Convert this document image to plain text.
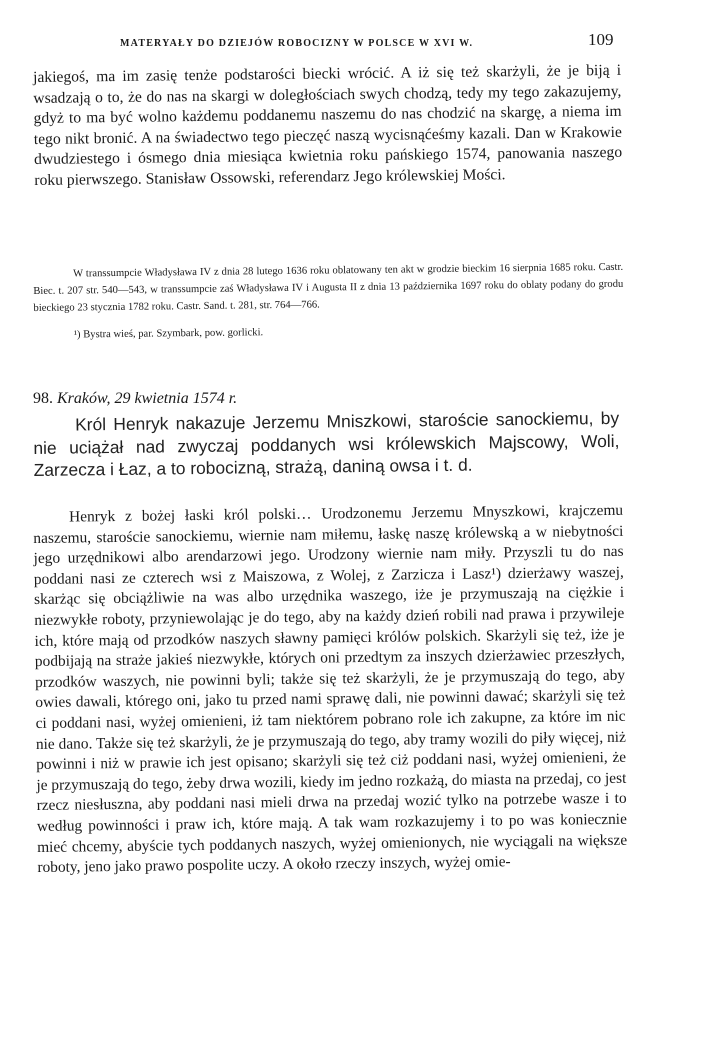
MATERYAŁY DO DZIEJÓW ROBOCIZNY W POLSCE W XVI W.	109

jakiegoś, ma im zasię tenże podstarości biecki wrócić. A iż się też skarżyli, że je biją i wsadzają o to, że do nas na skargi w doległościach swych chodzą, tedy my tego zakazujemy, gdyż to ma być wolno każdemu poddanemu naszemu do nas chodzić na skargę, a niema im tego nikt bronić. A na świadectwo tego pieczęć naszą wycisnąćeśmy kazali. Dan w Krakowie dwudziestego i ósmego dnia miesiąca kwietnia roku pańskiego 1574, panowania naszego roku pierwszego. Stanisław Ossowski, referendarz Jego królewskiej Mości.

W transsumpcie Władysława IV z dnia 28 lutego 1636 roku oblatowany ten akt w grodzie bieckim 16 sierpnia 1685 roku. Castr. Biec. t. 207 str. 540—543, w transsumpcie zaś Władysława IV i Augusta II z dnia 13 października 1697 roku do oblaty podany do grodu bieckiego 23 stycznia 1782 roku. Castr. Sand. t. 281, str. 764—766.

¹) Bystra wieś, par. Szymbark, pow. gorlicki.

98. Kraków, 29 kwietnia 1574 r.

Król Henryk nakazuje Jerzemu Mniszkowi, staroście sanockiemu, by nie uciążał nad zwyczaj poddanych wsi królewskich Majscowy, Woli, Zarzecza i Łaz, a to robocizną, strażą, daniną owsa i t. d.

Henryk z bożej łaski król polski… Urodzonemu Jerzemu Mnyszkowi, krajczemu naszemu, staroście sanockiemu, wiernie nam miłemu, łaskę naszę królewską a w niebytności jego urzędnikowi albo arendarzowi jego. Urodzony wiernie nam miły. Przyszli tu do nas poddani nasi ze czterech wsi z Maiszowa, z Wolej, z Zarzicza i Lasz¹) dzierżawy waszej, skarżąc się obciążliwie na was albo urzędnika waszego, iże je przymuszają na ciężkie i niezwykłe roboty, przyniewolając je do tego, aby na każdy dzień robili nad prawa i przywileje ich, które mają od przodków naszych sławny pamięci królów polskich. Skarżyli się też, iże je podbijają na straże jakieś niezwykłe, których oni przedtym za inszych dzierżawiec przeszłych, przodków waszych, nie powinni byli; także się też skarżyli, że je przymuszają do tego, aby owies dawali, którego oni, jako tu przed nami sprawę dali, nie powinni dawać; skarżyli się też ci poddani nasi, wyżej omienieni, iż tam niektórem pobrano role ich zakupne, za które im nic nie dano. Także się też skarżyli, że je przymuszają do tego, aby tramy wozili do piły więcej, niż powinni i niż w prawie ich jest opisano; skarżyli się też ciż poddani nasi, wyżej omienieni, że je przymuszają do tego, żeby drwa wozili, kiedy im jedno rozkażą, do miasta na przedaj, co jest rzecz niesłuszna, aby poddani nasi mieli drwa na przedaj wozić tylko na potrzebe wasze i to według powinności i praw ich, które mają. A tak wam rozkazujemy i to po was koniecznie mieć chcemy, abyście tych poddanych naszych, wyżej omienionych, nie wyciągali na większe roboty, jeno jako prawo pospolite uczy. A około rzeczy inszych, wyżej omie-
